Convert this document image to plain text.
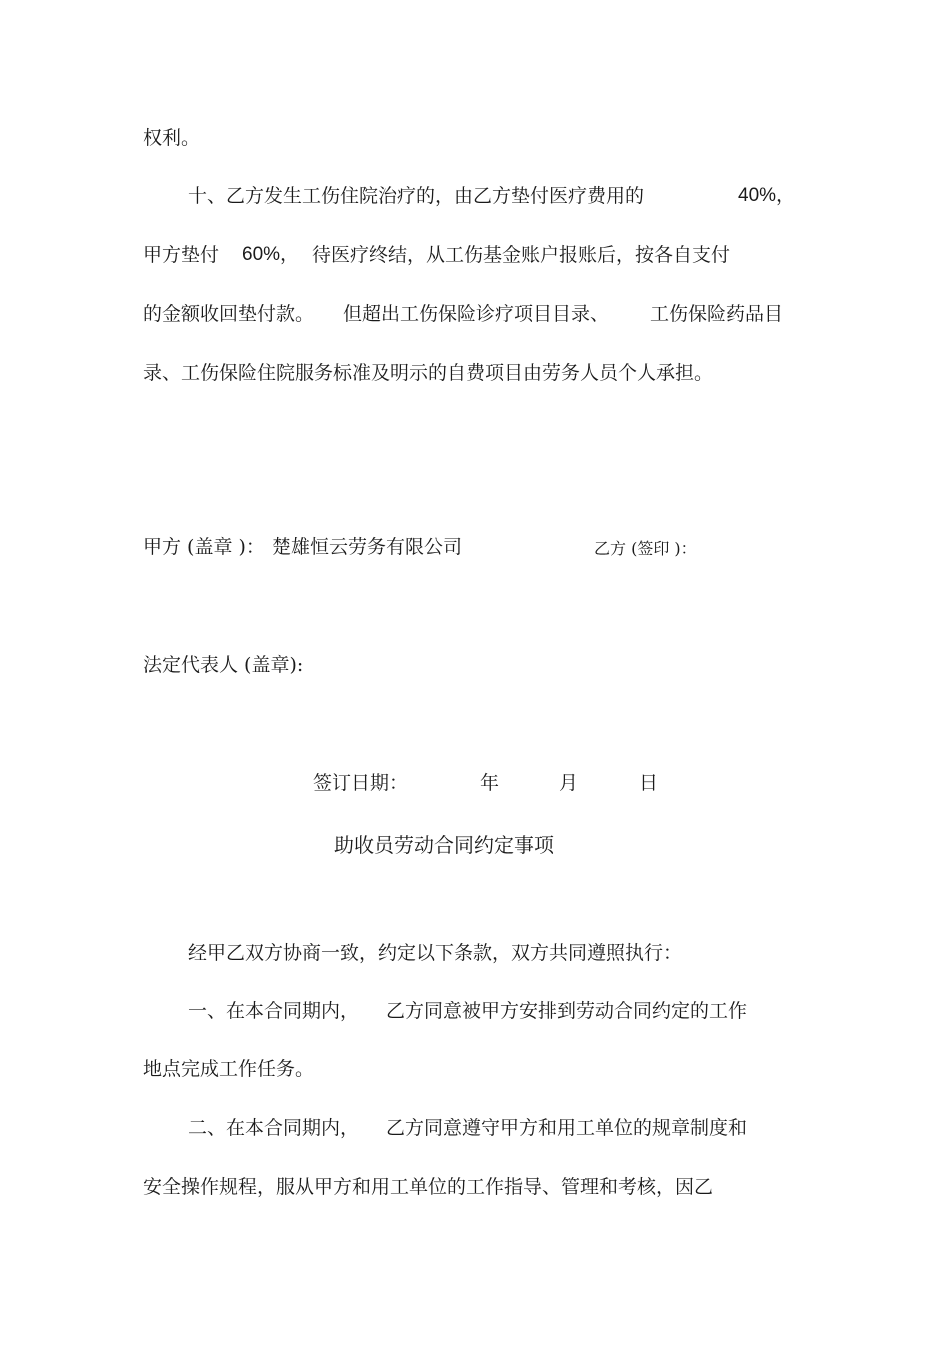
权利。
十、乙方发生工伤住院治疗的，由乙方垫付医疗费用的	40%，
甲方垫付 60%， 待医疗终结，从工伤基金账户报账后，按各自支付
的金额收回垫付款。 但超出工伤保险诊疗项目目录、 工伤保险药品目
录、工伤保险住院服务标准及明示的自费项目由劳务人员个人承担。
甲方 (盖章 )： 楚雄恒云劳务有限公司	乙方 (签印 )：
法定代表人 (盖章):
签订日期：	年	月	日
助收员劳动合同约定事项
经甲乙双方协商一致，约定以下条款，双方共同遵照执行：
一、在本合同期内， 乙方同意被甲方安排到劳动合同约定的工作
地点完成工作任务。
二、在本合同期内， 乙方同意遵守甲方和用工单位的规章制度和
安全操作规程，服从甲方和用工单位的工作指导、管理和考核，因乙
